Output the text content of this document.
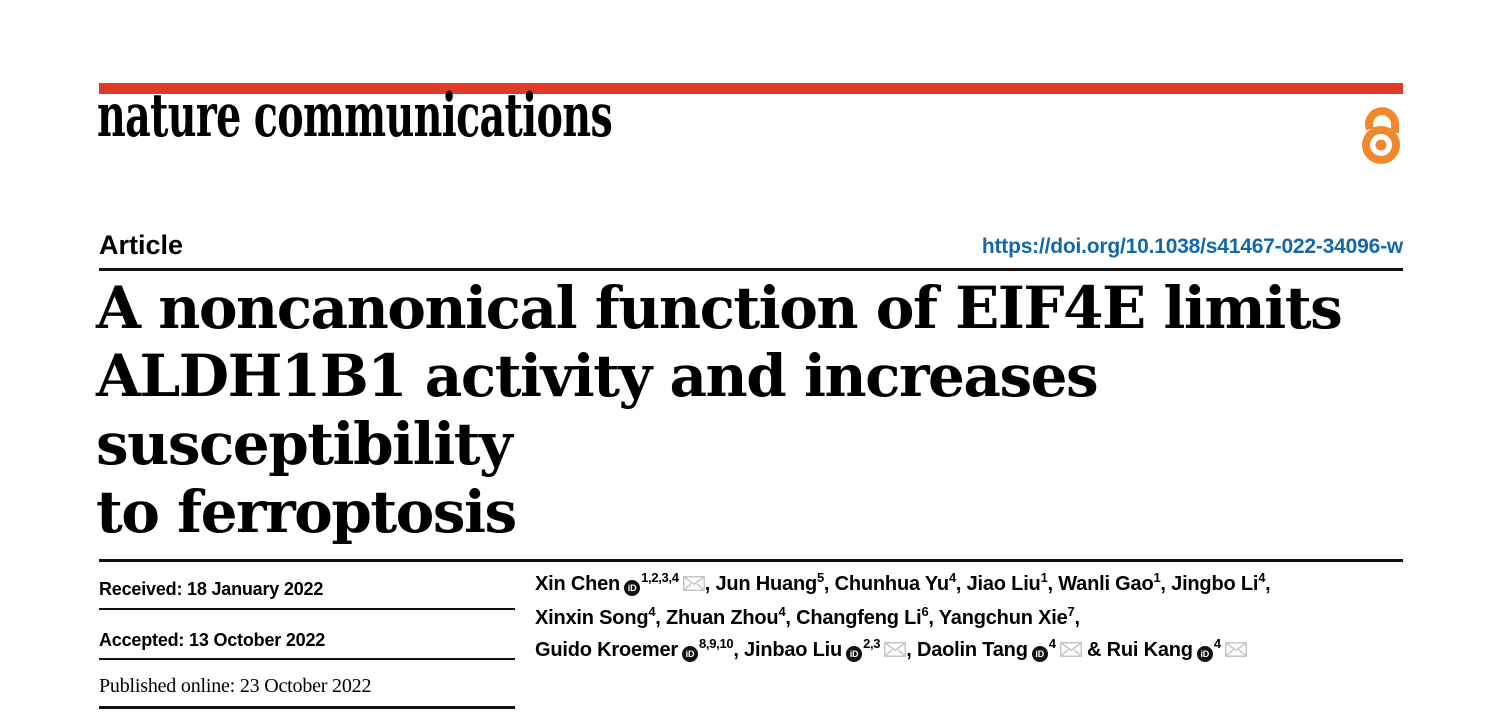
nature communications
Article	https://doi.org/10.1038/s41467-022-34096-w
A noncanonical function of EIF4E limits
ALDH1B1 activity and increases susceptibility
to ferroptosis
Received: 18 January 2022
Accepted: 13 October 2022
Published online: 23 October 2022
Xin Chen iD$^{1,2,3,4}$ , Jun Huang$^5$, Chunhua Yu$^4$, Jiao Liu$^1$, Wanli Gao$^1$, Jingbo Li$^4$,
Xinxin Song$^4$, Zhuan Zhou$^4$, Changfeng Li$^6$, Yangchun Xie$^7$,
Guido Kroemer iD$^{8,9,10}$, Jinbao Liu iD$^{2,3}$ , Daolin Tang $iD^4$ & Rui Kang $iD^4$
